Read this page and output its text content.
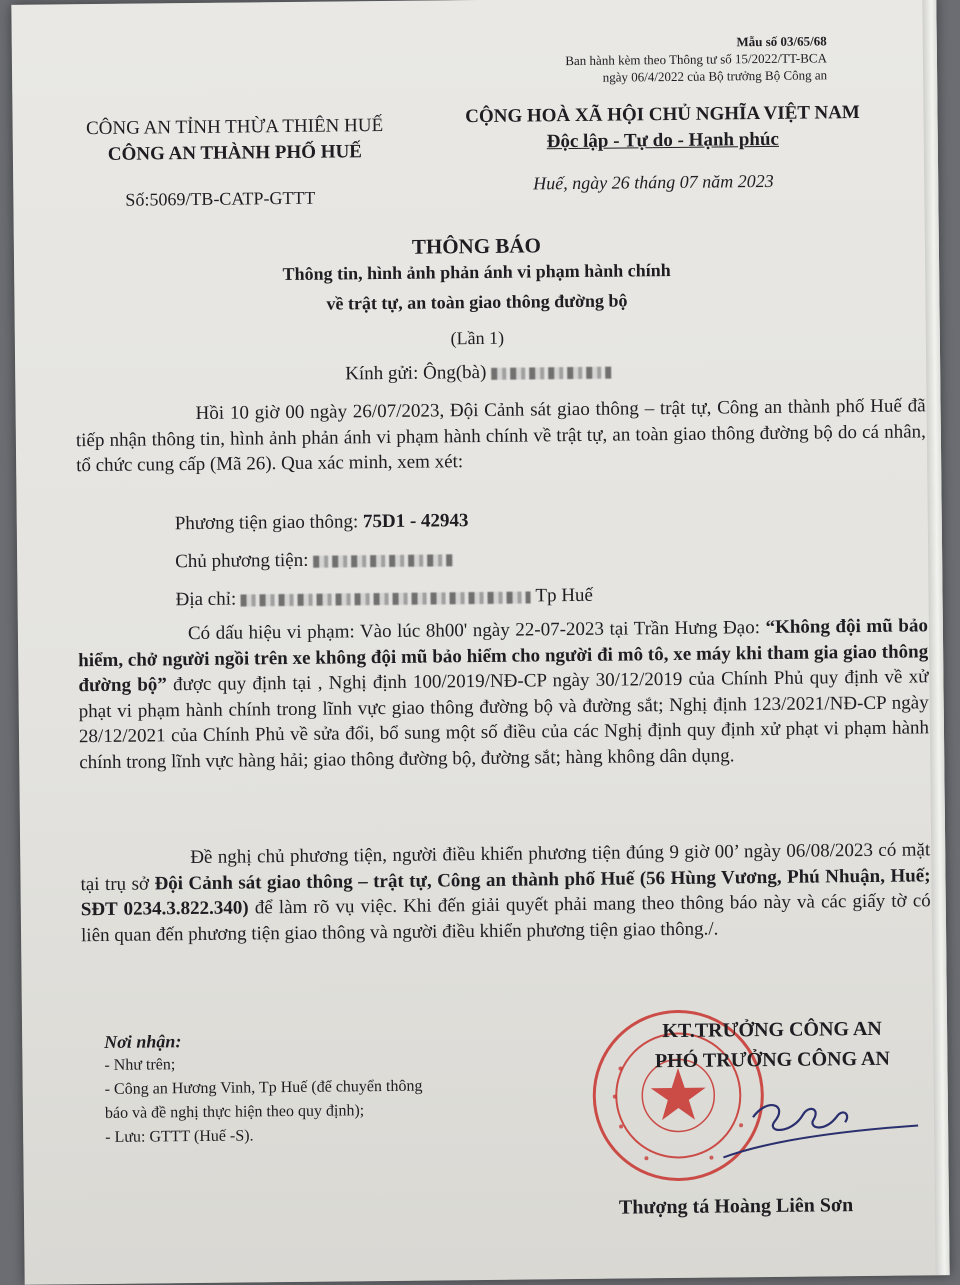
Mẫu số 03/65/68
Ban hành kèm theo Thông tư số 15/2022/TT-BCA
ngày 06/4/2022 của Bộ trưởng Bộ Công an
CÔNG AN TỈNH THỪA THIÊN HUẾ
CÔNG AN THÀNH PHỐ HUẾ
CỘNG HOÀ XÃ HỘI CHỦ NGHĨA VIỆT NAM
Độc lập - Tự do - Hạnh phúc
Số:5069/TB-CATP-GTTT
Huế, ngày 26 tháng 07 năm 2023
THÔNG BÁO
Thông tin, hình ảnh phản ánh vi phạm hành chính
về trật tự, an toàn giao thông đường bộ
(Lần 1)
Kính gửi: Ông(bà)
Hồi 10 giờ 00 ngày 26/07/2023, Đội Cảnh sát giao thông – trật tự, Công an thành phố Huế đã tiếp nhận thông tin, hình ảnh phản ánh vi phạm hành chính về trật tự, an toàn giao thông đường bộ do cá nhân, tổ chức cung cấp (Mã 26). Qua xác minh, xem xét:
Phương tiện giao thông: 75D1 - 42943
Chủ phương tiện:
Địa chỉ:	Tp Huế
Có dấu hiệu vi phạm: Vào lúc 8h00' ngày 22-07-2023 tại Trần Hưng Đạo: “Không đội mũ bảo hiểm, chở người ngồi trên xe không đội mũ bảo hiểm cho người đi mô tô, xe máy khi tham gia giao thông đường bộ” được quy định tại , Nghị định 100/2019/NĐ-CP ngày 30/12/2019 của Chính Phủ quy định về xử phạt vi phạm hành chính trong lĩnh vực giao thông đường bộ và đường sắt; Nghị định 123/2021/NĐ-CP ngày 28/12/2021 của Chính Phủ về sửa đổi, bổ sung một số điều của các Nghị định quy định xử phạt vi phạm hành chính trong lĩnh vực hàng hải; giao thông đường bộ, đường sắt; hàng không dân dụng.
Đề nghị chủ phương tiện, người điều khiển phương tiện đúng 9 giờ 00’ ngày 06/08/2023 có mặt tại trụ sở Đội Cảnh sát giao thông – trật tự, Công an thành phố Huế (56 Hùng Vương, Phú Nhuận, Huế; SĐT 0234.3.822.340) để làm rõ vụ việc. Khi đến giải quyết phải mang theo thông báo này và các giấy tờ có liên quan đến phương tiện giao thông và người điều khiển phương tiện giao thông./.
Nơi nhận:
- Như trên;
- Công an Hương Vinh, Tp Huế (để chuyển thông
báo và đề nghị thực hiện theo quy định);
- Lưu: GTTT (Huế -S).
KT.TRƯỞNG CÔNG AN
PHÓ TRƯỞNG CÔNG AN
Thượng tá Hoàng Liên Sơn
